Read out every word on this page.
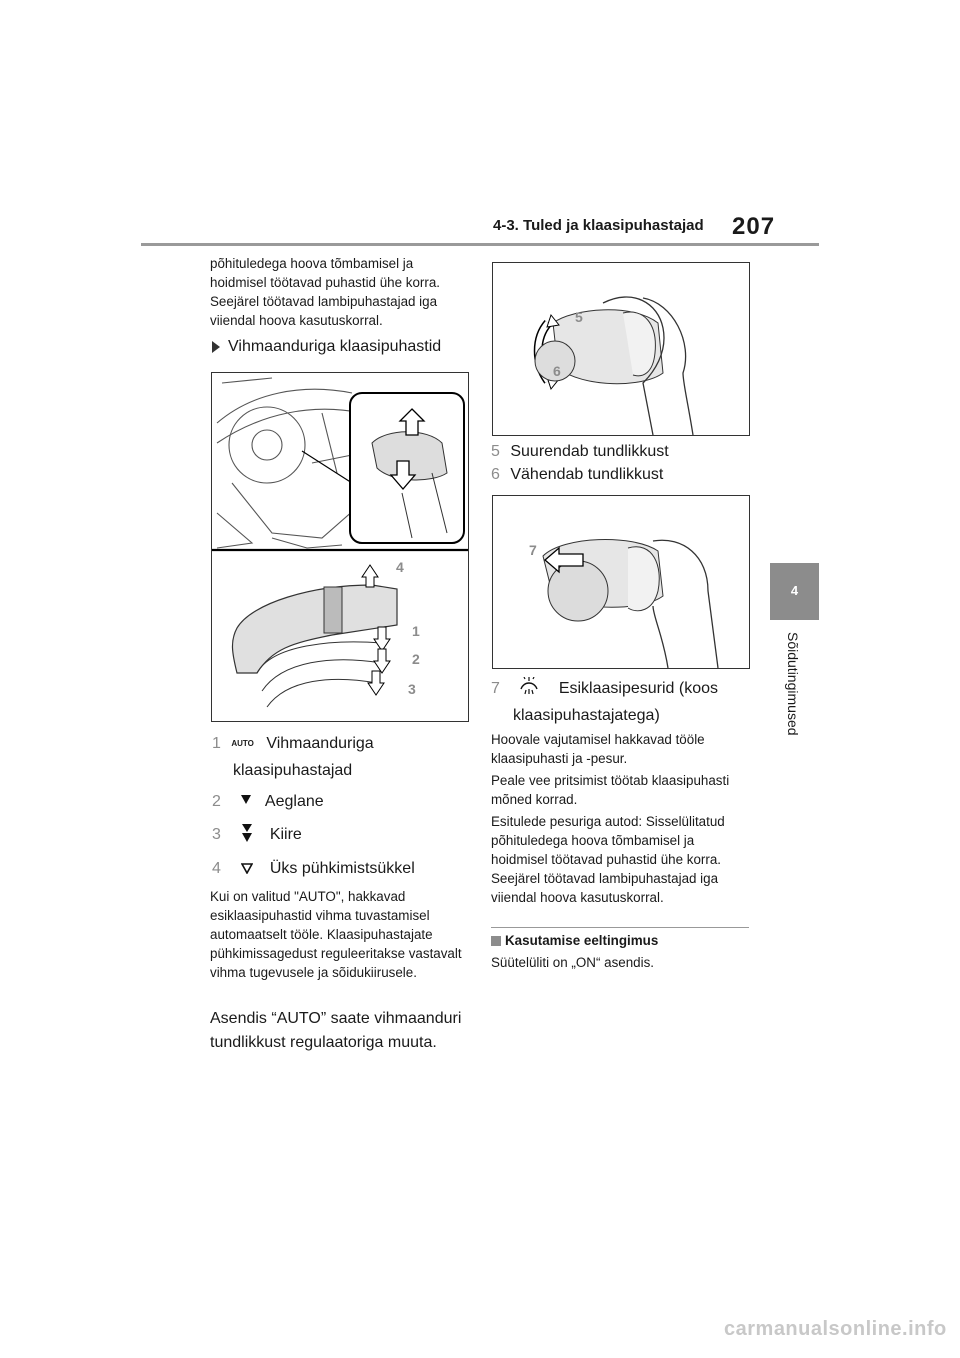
4-3. Tuled ja klaasipuhastajad 207
4
Sõidutingimused
põhituledega hoova tõmbamisel ja hoidmisel töötavad puhastid ühe korra. Seejärel töötavad lambipuhastajad iga viiendal hoova kasutuskorral.
Vihmaanduriga klaasipuhastid
4
1
2
3
1 AUTO Vihmaanduriga
klaasipuhastajad
2	Aeglane
3	Kiire
4	Üks pühkimistsükkel
Kui on valitud "AUTO", hakkavad esiklaasipuhastid vihma tuvastamisel automaatselt tööle. Klaasipuhastajate pühkimissagedust reguleeritakse vastavalt vihma tugevusele ja sõidukiirusele.
Asendis “AUTO” saate vihmaanduri tundlikkust regulaatoriga muuta.
5
6
5 Suurendab tundlikkust
6 Vähendab tundlikkust
7
7	Esiklaasipesurid (koos
klaasipuhastajatega)
Hoovale vajutamisel hakkavad tööle klaasipuhasti ja -pesur.
Peale vee pritsimist töötab klaasipuhasti mõned korrad.
Esitulede pesuriga autod: Sisselülitatud põhituledega hoova tõmbamisel ja hoidmisel töötavad puhastid ühe korra. Seejärel töötavad lambipuhastajad iga viiendal hoova kasutuskorral.
Kasutamise eeltingimus
Süütelüliti on „ON“ asendis.
carmanualsonline.info
